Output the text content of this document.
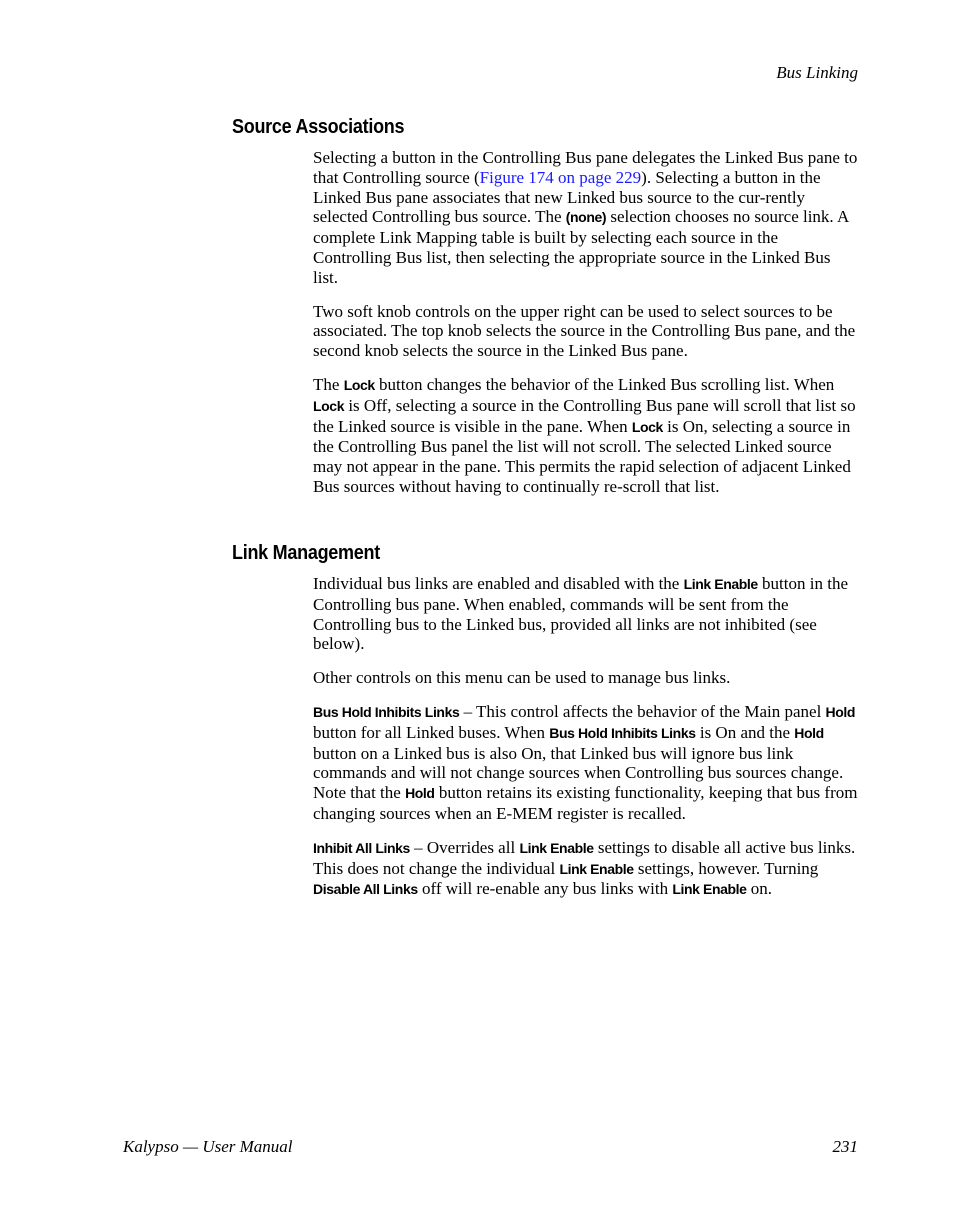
Bus Linking
Source Associations

Selecting a button in the Controlling Bus pane delegates the Linked Bus pane to that Controlling source (Figure 174 on page 229). Selecting a button in the Linked Bus pane associates that new Linked bus source to the cur-rently selected Controlling bus source. The (none) selection chooses no source link. A complete Link Mapping table is built by selecting each source in the Controlling Bus list, then selecting the appropriate source in the Linked Bus list.

Two soft knob controls on the upper right can be used to select sources to be associated. The top knob selects the source in the Controlling Bus pane, and the second knob selects the source in the Linked Bus pane.

The Lock button changes the behavior of the Linked Bus scrolling list. When Lock is Off, selecting a source in the Controlling Bus pane will scroll that list so the Linked source is visible in the pane. When Lock is On, selecting a source in the Controlling Bus panel the list will not scroll. The selected Linked source may not appear in the pane. This permits the rapid selection of adjacent Linked Bus sources without having to continually re-scroll that list.

Link Management

Individual bus links are enabled and disabled with the Link Enable button in the Controlling bus pane. When enabled, commands will be sent from the Controlling bus to the Linked bus, provided all links are not inhibited (see below).

Other controls on this menu can be used to manage bus links.

Bus Hold Inhibits Links – This control affects the behavior of the Main panel Hold button for all Linked buses. When Bus Hold Inhibits Links is On and the Hold button on a Linked bus is also On, that Linked bus will ignore bus link commands and will not change sources when Controlling bus sources change. Note that the Hold button retains its existing functionality, keeping that bus from changing sources when an E-MEM register is recalled.

Inhibit All Links – Overrides all Link Enable settings to disable all active bus links. This does not change the individual Link Enable settings, however. Turning Disable All Links off will re-enable any bus links with Link Enable on.

Kalypso — User Manual	231
